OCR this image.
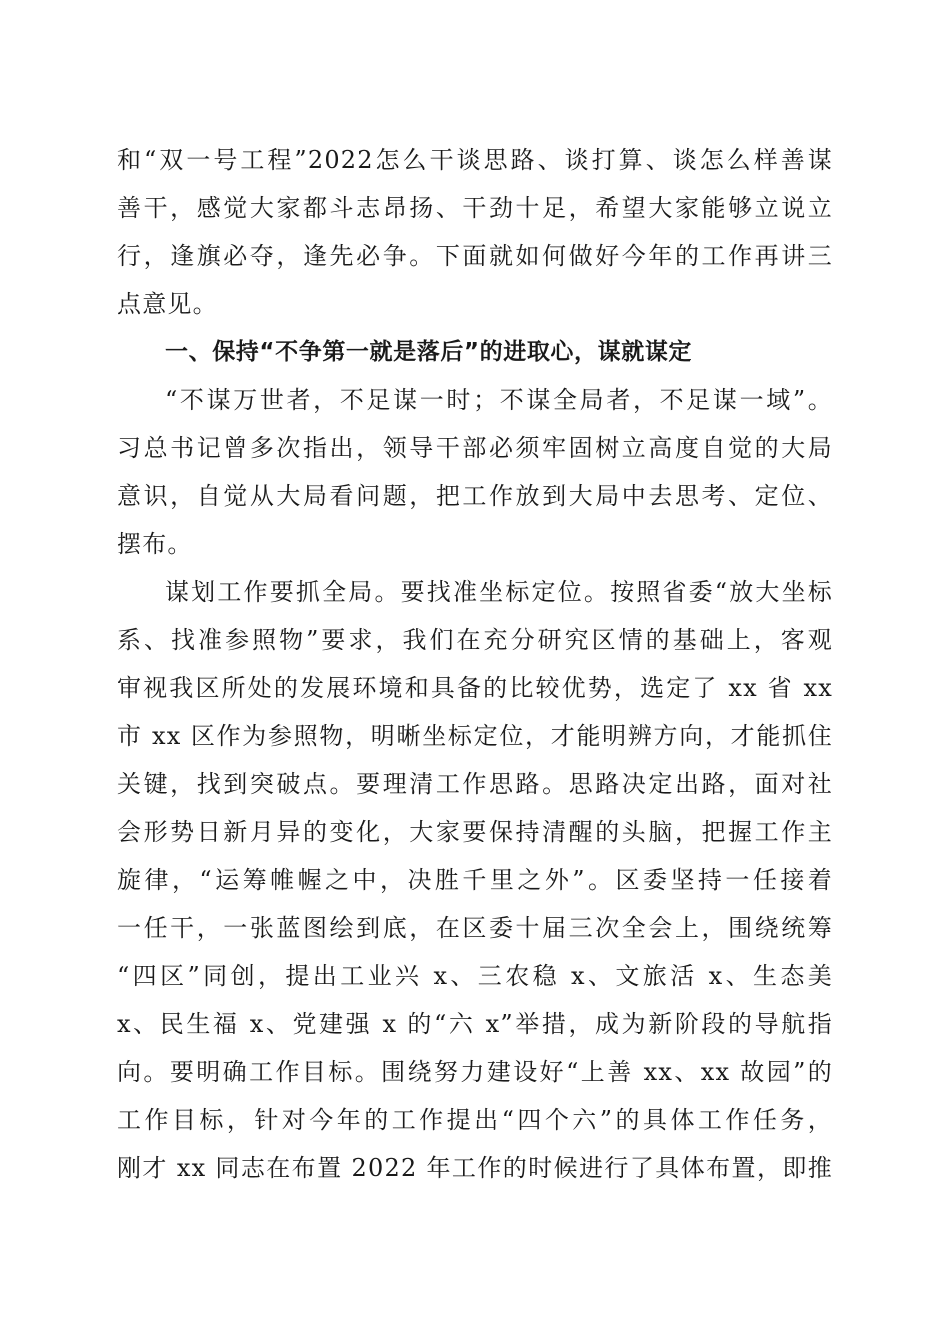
和“双一号工程”2022怎么干谈思路、谈打算、谈怎么样善谋
善干，感觉大家都斗志昂扬、干劲十足，希望大家能够立说立
行，逢旗必夺，逢先必争。下面就如何做好今年的工作再讲三
点意见。
一、保持“不争第一就是落后”的进取心，谋就谋定
“不谋万世者，不足谋一时；不谋全局者，不足谋一域”。
习总书记曾多次指出，领导干部必须牢固树立高度自觉的大局
意识，自觉从大局看问题，把工作放到大局中去思考、定位、
摆布。
谋划工作要抓全局。要找准坐标定位。按照省委“放大坐标
系、找准参照物”要求，我们在充分研究区情的基础上，客观
审视我区所处的发展环境和具备的比较优势，选定了 xx 省 xx
市 xx 区作为参照物，明晰坐标定位，才能明辨方向，才能抓住
关键，找到突破点。要理清工作思路。思路决定出路，面对社
会形势日新月异的变化，大家要保持清醒的头脑，把握工作主
旋律，“运筹帷幄之中，决胜千里之外”。区委坚持一任接着
一任干，一张蓝图绘到底，在区委十届三次全会上，围绕统筹
“四区”同创，提出工业兴 x、三农稳 x、文旅活 x、生态美
x、民生福 x、党建强 x 的“六 x”举措，成为新阶段的导航指
向。要明确工作目标。围绕努力建设好“上善 xx、xx 故园”的
工作目标，针对今年的工作提出“四个六”的具体工作任务，
刚才 xx 同志在布置 2022 年工作的时候进行了具体布置，即推
